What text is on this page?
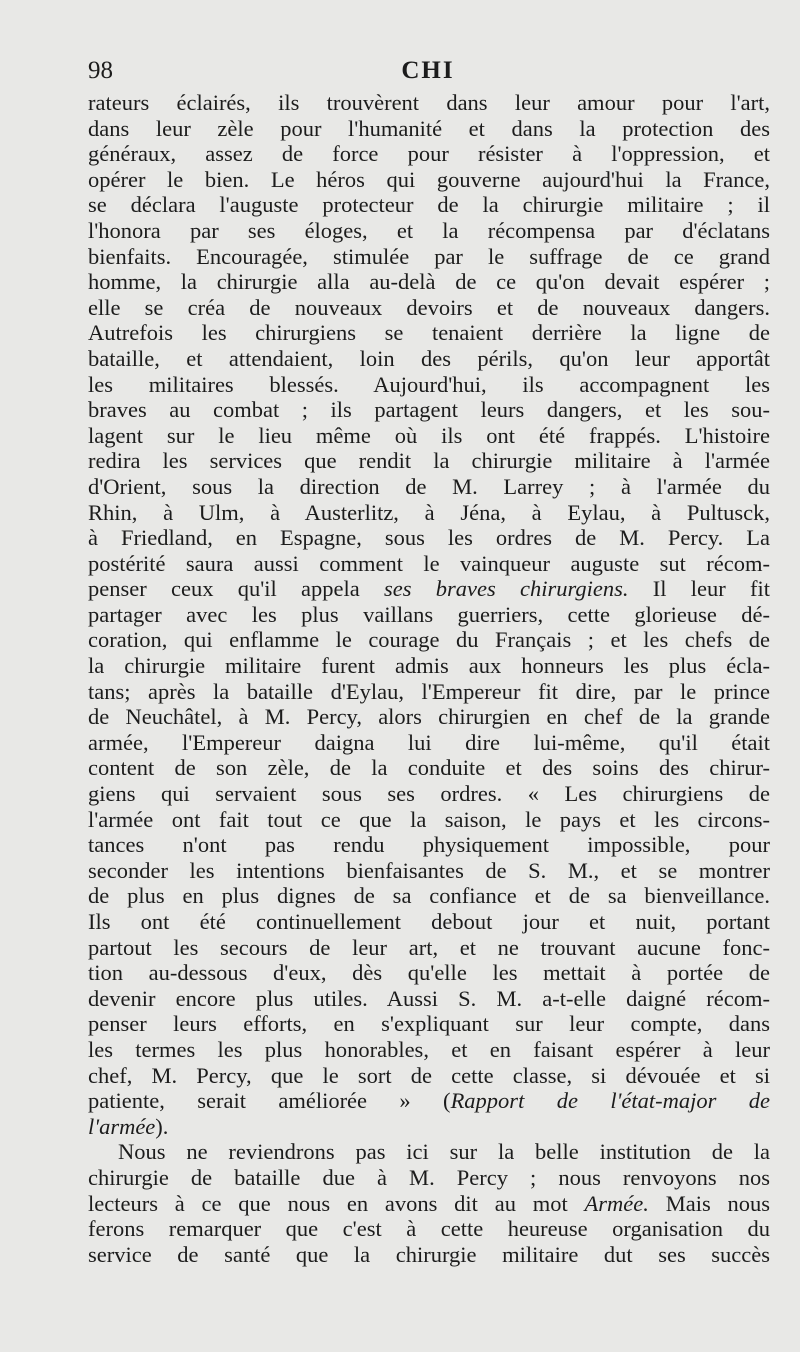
98	CHI
rateurs éclairés, ils trouvèrent dans leur amour pour l'art,
dans leur zèle pour l'humanité et dans la protection des
généraux, assez de force pour résister à l'oppression, et
opérer le bien. Le héros qui gouverne aujourd'hui la France,
se déclara l'auguste protecteur de la chirurgie militaire ; il
l'honora par ses éloges, et la récompensa par d'éclatans
bienfaits. Encouragée, stimulée par le suffrage de ce grand
homme, la chirurgie alla au-delà de ce qu'on devait espérer ;
elle se créa de nouveaux devoirs et de nouveaux dangers.
Autrefois les chirurgiens se tenaient derrière la ligne de
bataille, et attendaient, loin des périls, qu'on leur apportât
les militaires blessés. Aujourd'hui, ils accompagnent les
braves au combat ; ils partagent leurs dangers, et les sou-
lagent sur le lieu même où ils ont été frappés. L'histoire
redira les services que rendit la chirurgie militaire à l'armée
d'Orient, sous la direction de M. Larrey ; à l'armée du
Rhin, à Ulm, à Austerlitz, à Jéna, à Eylau, à Pultusck,
à Friedland, en Espagne, sous les ordres de M. Percy. La
postérité saura aussi comment le vainqueur auguste sut récom-
penser ceux qu'il appela ses braves chirurgiens. Il leur fit
partager avec les plus vaillans guerriers, cette glorieuse dé-
coration, qui enflamme le courage du Français ; et les chefs de
la chirurgie militaire furent admis aux honneurs les plus éclа-
tans; après la bataille d'Eylau, l'Empereur fit dire, par le prince
de Neuchâtel, à M. Percy, alors chirurgien en chef de la grande
armée, l'Empereur daigna lui dire lui-même, qu'il était
content de son zèle, de la conduite et des soins des chirur-
giens qui servaient sous ses ordres. « Les chirurgiens de
l'armée ont fait tout ce que la saison, le pays et les circons-
tances n'ont pas rendu physiquement impossible, pour
seconder les intentions bienfaisantes de S. M., et se montrer
de plus en plus dignes de sa confiance et de sa bienveillance.
Ils ont été continuellement debout jour et nuit, portant
partout les secours de leur art, et ne trouvant aucune fonc-
tion au-dessous d'eux, dès qu'elle les mettait à portée de
devenir encore plus utiles. Aussi S. M. a-t-elle daigné récom-
penser leurs efforts, en s'expliquant sur leur compte, dans
les termes les plus honorables, et en faisant espérer à leur
chef, M. Percy, que le sort de cette classe, si dévouée et si
patiente, serait améliorée » (Rapport de l'état-major de
l'armée).
Nous ne reviendrons pas ici sur la belle institution de la
chirurgie de bataille due à M. Percy ; nous renvoyons nos
lecteurs à ce que nous en avons dit au mot Armée. Mais nous
ferons remarquer que c'est à cette heureuse organisation du
service de santé que la chirurgie militaire dut ses succès
